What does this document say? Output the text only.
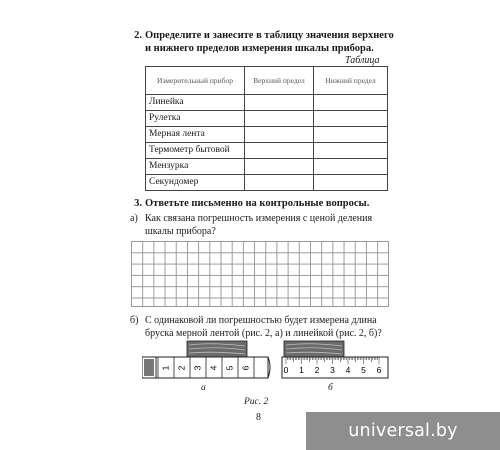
2. Определите и занесите в таблицу значения верхнего
и нижнего пределов измерения шкалы прибора.
Таблица
Измерительный прибор	Верхний предел	Нижний предел
Линейка		
Рулетка		
Мерная лента		
Термометр бытовой		
Мензурка		
Секундомер		
3. Ответьте письменно на контрольные вопросы.
а) Как связана погрешность измерения с ценой деления
шкалы прибора?
б) С одинаковой ли погрешностью будет измерена длина
бруска мерной лентой (рис. 2, а) и линейкой (рис. 2, б)?
1 2 3 4 5 6	0 1 2 3 4 5 6
а	б
Рис. 2
8
universal.by
